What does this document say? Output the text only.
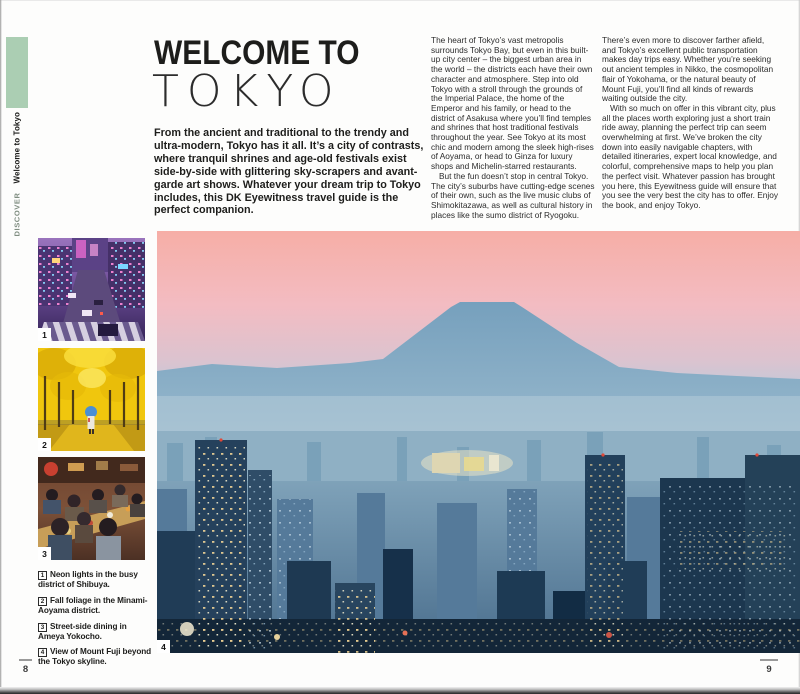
DISCOVER
Welcome to Tokyo
WELCOME TO
TOKYO

From the ancient and traditional to the trendy and ultra-modern, Tokyo has it all. It’s a city of contrasts, where tranquil shrines and age-old festivals exist side-by-side with glittering sky-scrapers and avant-garde art shows. Whatever your dream trip to Tokyo includes, this DK Eyewitness travel guide is the perfect companion.

The heart of Tokyo’s vast metropolis surrounds Tokyo Bay, but even in this built-up city center – the biggest urban area in the world – the districts each have their own character and atmosphere. Step into old Tokyo with a stroll through the grounds of the Imperial Palace, the home of the Emperor and his family, or head to the district of Asakusa where you’ll find temples and shrines that host traditional festivals throughout the year. See Tokyo at its most chic and modern among the sleek high-rises of Aoyama, or head to Ginza for luxury shops and Michelin-starred restaurants.

But the fun doesn’t stop in central Tokyo. The city’s suburbs have cutting-edge scenes of their own, such as the live music clubs of Shimokitazawa, as well as cultural history in places like the sumo district of Ryogoku.

There’s even more to discover farther afield, and Tokyo’s excellent public transportation makes day trips easy. Whether you’re seeking out ancient temples in Nikko, the cosmopolitan flair of Yokohama, or the natural beauty of Mount Fuji, you’ll find all kinds of rewards waiting outside the city.

With so much on offer in this vibrant city, plus all the places worth exploring just a short train ride away, planning the perfect trip can seem overwhelming at first. We’ve broken the city down into easily navigable chapters, with detailed itineraries, expert local knowledge, and colorful, comprehensive maps to help you plan the perfect visit. Whatever passion has brought you here, this Eyewitness guide will ensure that you see the very best the city has to offer. Enjoy the book, and enjoy Tokyo.

1
2
3
4

1 Neon lights in the busy district of Shibuya.

2 Fall foliage in the Minami-Aoyama district.

3 Street-side dining in Ameya Yokocho.

4 View of Mount Fuji beyond the Tokyo skyline.

8	9
